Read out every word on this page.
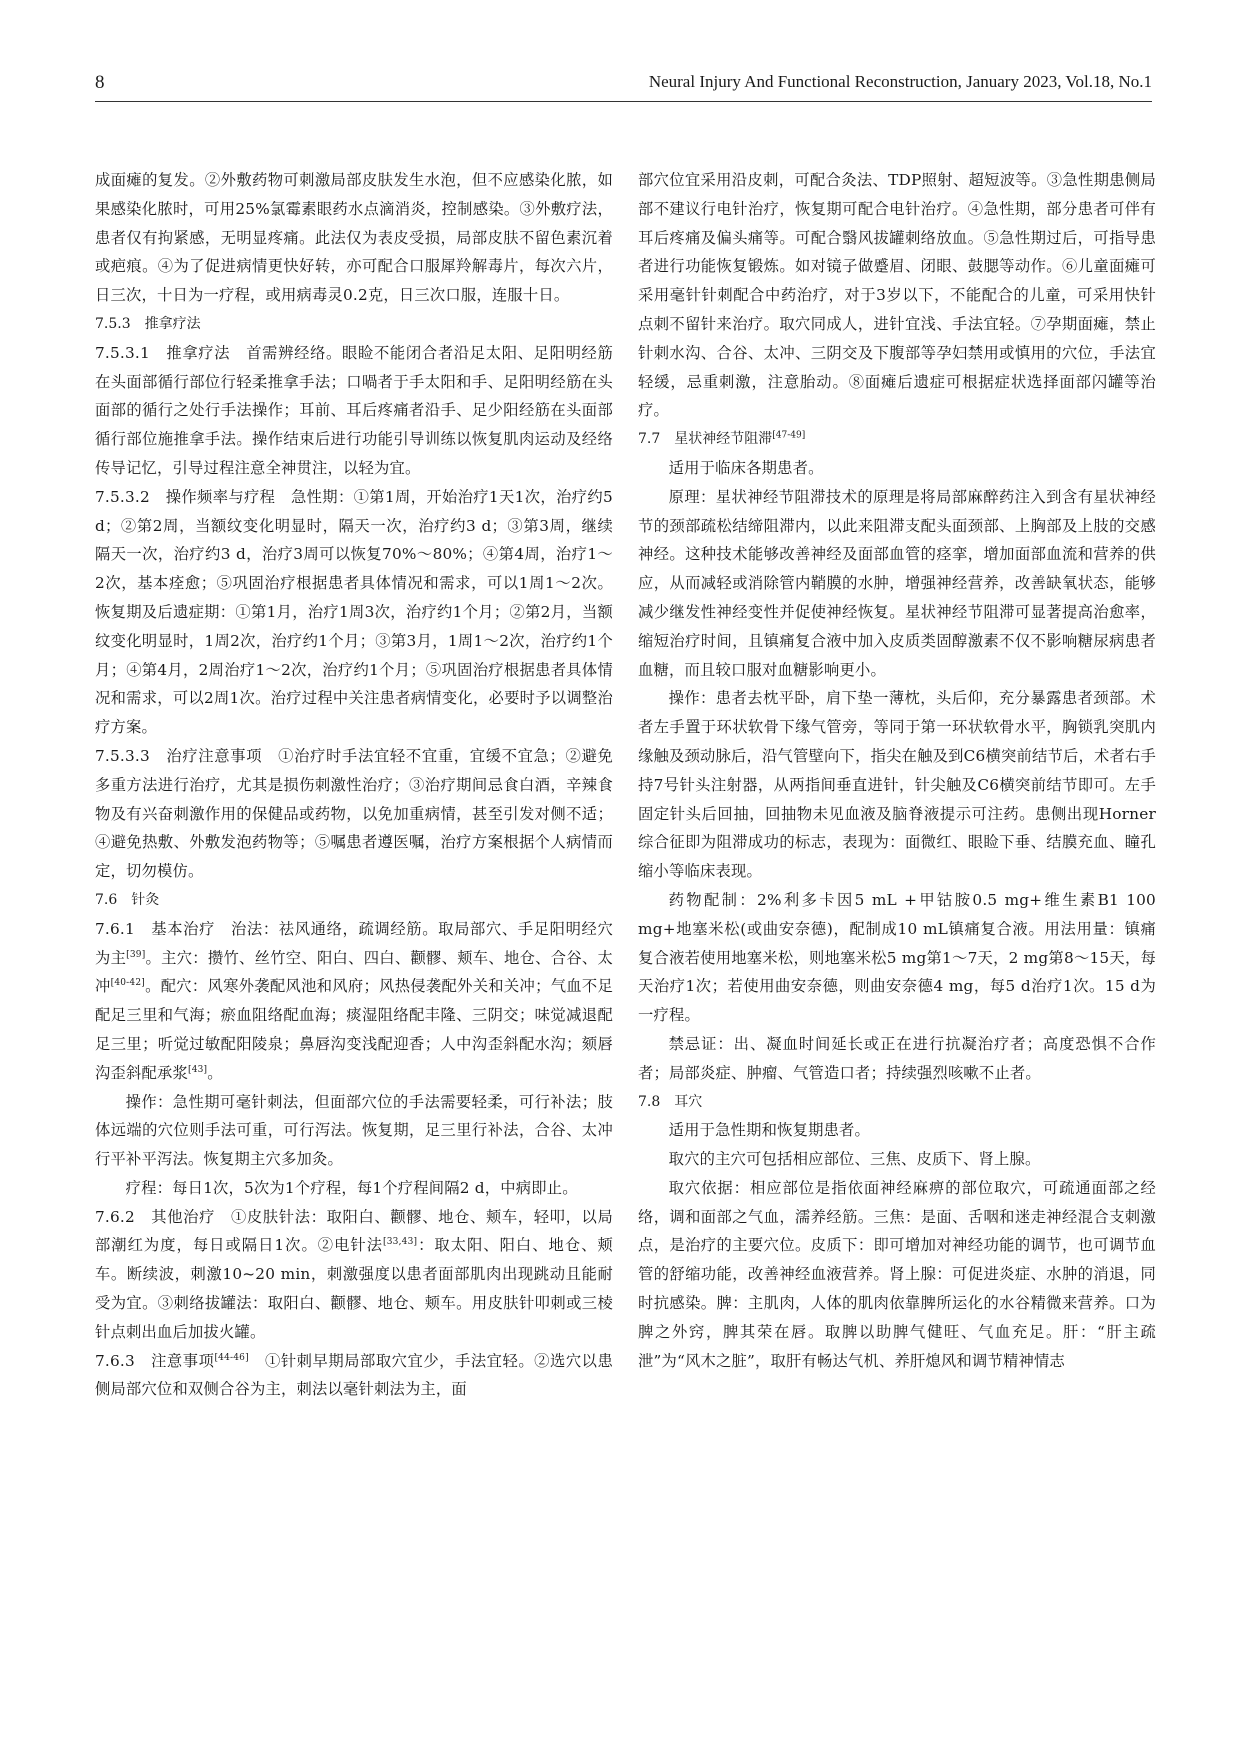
8	Neural Injury And Functional Reconstruction, January 2023, Vol.18, No.1

成面瘫的复发。②外敷药物可刺激局部皮肤发生水泡，但不应感染化脓，如果感染化脓时，可用25%氯霉素眼药水点滴消炎，控制感染。③外敷疗法，患者仅有拘紧感，无明显疼痛。此法仅为表皮受损，局部皮肤不留色素沉着或疤痕。④为了促进病情更快好转，亦可配合口服犀羚解毒片，每次六片，日三次，十日为一疗程，或用病毒灵0.2克，日三次口服，连服十日。

7.5.3　推拿疗法

7.5.3.1　推拿疗法　首需辨经络。眼睑不能闭合者沿足太阳、足阳明经筋在头面部循行部位行轻柔推拿手法；口喎者于手太阳和手、足阳明经筋在头面部的循行之处行手法操作；耳前、耳后疼痛者沿手、足少阳经筋在头面部循行部位施推拿手法。操作结束后进行功能引导训练以恢复肌肉运动及经络传导记忆，引导过程注意全神贯注，以轻为宜。

7.5.3.2　操作频率与疗程　急性期：①第1周，开始治疗1天1次，治疗约5 d；②第2周，当额纹变化明显时，隔天一次，治疗约3 d；③第3周，继续隔天一次，治疗约3 d，治疗3周可以恢复70%～80%；④第4周，治疗1～2次，基本痊愈；⑤巩固治疗根据患者具体情况和需求，可以1周1～2次。恢复期及后遗症期：①第1月，治疗1周3次，治疗约1个月；②第2月，当额纹变化明显时，1周2次，治疗约1个月；③第3月，1周1～2次，治疗约1个月；④第4月，2周治疗1～2次，治疗约1个月；⑤巩固治疗根据患者具体情况和需求，可以2周1次。治疗过程中关注患者病情变化，必要时予以调整治疗方案。

7.5.3.3　治疗注意事项　①治疗时手法宜轻不宜重，宜缓不宜急；②避免多重方法进行治疗，尤其是损伤刺激性治疗；③治疗期间忌食白酒，辛辣食物及有兴奋刺激作用的保健品或药物，以免加重病情，甚至引发对侧不适；④避免热敷、外敷发泡药物等；⑤嘱患者遵医嘱，治疗方案根据个人病情而定，切勿模仿。

7.6　针灸

7.6.1　基本治疗　治法：祛风通络，疏调经筋。取局部穴、手足阳明经穴为主[39]。主穴：攒竹、丝竹空、阳白、四白、颧髎、颊车、地仓、合谷、太冲[40-42]。配穴：风寒外袭配风池和风府；风热侵袭配外关和关冲；气血不足配足三里和气海；瘀血阻络配血海；痰湿阻络配丰隆、三阴交；味觉减退配足三里；听觉过敏配阳陵泉；鼻唇沟变浅配迎香；人中沟歪斜配水沟；颏唇沟歪斜配承浆[43]。

操作：急性期可毫针刺法，但面部穴位的手法需要轻柔，可行补法；肢体远端的穴位则手法可重，可行泻法。恢复期，足三里行补法，合谷、太冲行平补平泻法。恢复期主穴多加灸。

疗程：每日1次，5次为1个疗程，每1个疗程间隔2 d，中病即止。

7.6.2　其他治疗　①皮肤针法：取阳白、颧髎、地仓、颊车，轻叩，以局部潮红为度，每日或隔日1次。②电针法[33,43]：取太阳、阳白、地仓、颊车。断续波，刺激10~20 min，刺激强度以患者面部肌肉出现跳动且能耐受为宜。③刺络拔罐法：取阳白、颧髎、地仓、颊车。用皮肤针叩刺或三棱针点刺出血后加拔火罐。

7.6.3　注意事项[44-46]　①针刺早期局部取穴宜少，手法宜轻。②选穴以患侧局部穴位和双侧合谷为主，刺法以毫针刺法为主，面

部穴位宜采用沿皮刺，可配合灸法、TDP照射、超短波等。③急性期患侧局部不建议行电针治疗，恢复期可配合电针治疗。④急性期，部分患者可伴有耳后疼痛及偏头痛等。可配合翳风拔罐刺络放血。⑤急性期过后，可指导患者进行功能恢复锻炼。如对镜子做蹙眉、闭眼、鼓腮等动作。⑥儿童面瘫可采用毫针针刺配合中药治疗，对于3岁以下，不能配合的儿童，可采用快针点刺不留针来治疗。取穴同成人，进针宜浅、手法宜轻。⑦孕期面瘫，禁止针刺水沟、合谷、太冲、三阴交及下腹部等孕妇禁用或慎用的穴位，手法宜轻缓，忌重刺激，注意胎动。⑧面瘫后遗症可根据症状选择面部闪罐等治疗。

7.7　星状神经节阻滞[47-49]

适用于临床各期患者。

原理：星状神经节阻滞技术的原理是将局部麻醉药注入到含有星状神经节的颈部疏松结缔阻滞内，以此来阻滞支配头面颈部、上胸部及上肢的交感神经。这种技术能够改善神经及面部血管的痉挛，增加面部血流和营养的供应，从而减轻或消除管内鞘膜的水肿，增强神经营养，改善缺氧状态，能够减少继发性神经变性并促使神经恢复。星状神经节阻滞可显著提高治愈率，缩短治疗时间，且镇痛复合液中加入皮质类固醇激素不仅不影响糖尿病患者血糖，而且较口服对血糖影响更小。

操作：患者去枕平卧，肩下垫一薄枕，头后仰，充分暴露患者颈部。术者左手置于环状软骨下缘气管旁，等同于第一环状软骨水平，胸锁乳突肌内缘触及颈动脉后，沿气管壁向下，指尖在触及到C6横突前结节后，术者右手持7号针头注射器，从两指间垂直进针，针尖触及C6横突前结节即可。左手固定针头后回抽，回抽物未见血液及脑脊液提示可注药。患侧出现Horner综合征即为阻滞成功的标志，表现为：面微红、眼睑下垂、结膜充血、瞳孔缩小等临床表现。

药物配制：2%利多卡因5 mL +甲钴胺0.5 mg+维生素B1 100 mg+地塞米松(或曲安奈德)，配制成10 mL镇痛复合液。用法用量：镇痛复合液若使用地塞米松，则地塞米松5 mg第1～7天，2 mg第8～15天，每天治疗1次；若使用曲安奈德，则曲安奈德4 mg，每5 d治疗1次。15 d为一疗程。

禁忌证：出、凝血时间延长或正在进行抗凝治疗者；高度恐惧不合作者；局部炎症、肿瘤、气管造口者；持续强烈咳嗽不止者。

7.8　耳穴

适用于急性期和恢复期患者。

取穴的主穴可包括相应部位、三焦、皮质下、肾上腺。

取穴依据：相应部位是指依面神经麻痹的部位取穴，可疏通面部之经络，调和面部之气血，濡养经筋。三焦：是面、舌咽和迷走神经混合支刺激点，是治疗的主要穴位。皮质下：即可增加对神经功能的调节，也可调节血管的舒缩功能，改善神经血液营养。肾上腺：可促进炎症、水肿的消退，同时抗感染。脾：主肌肉，人体的肌肉依靠脾所运化的水谷精微来营养。口为脾之外窍，脾其荣在唇。取脾以助脾气健旺、气血充足。肝：“肝主疏泄”为“风木之脏”，取肝有畅达气机、养肝熄风和调节精神情志
